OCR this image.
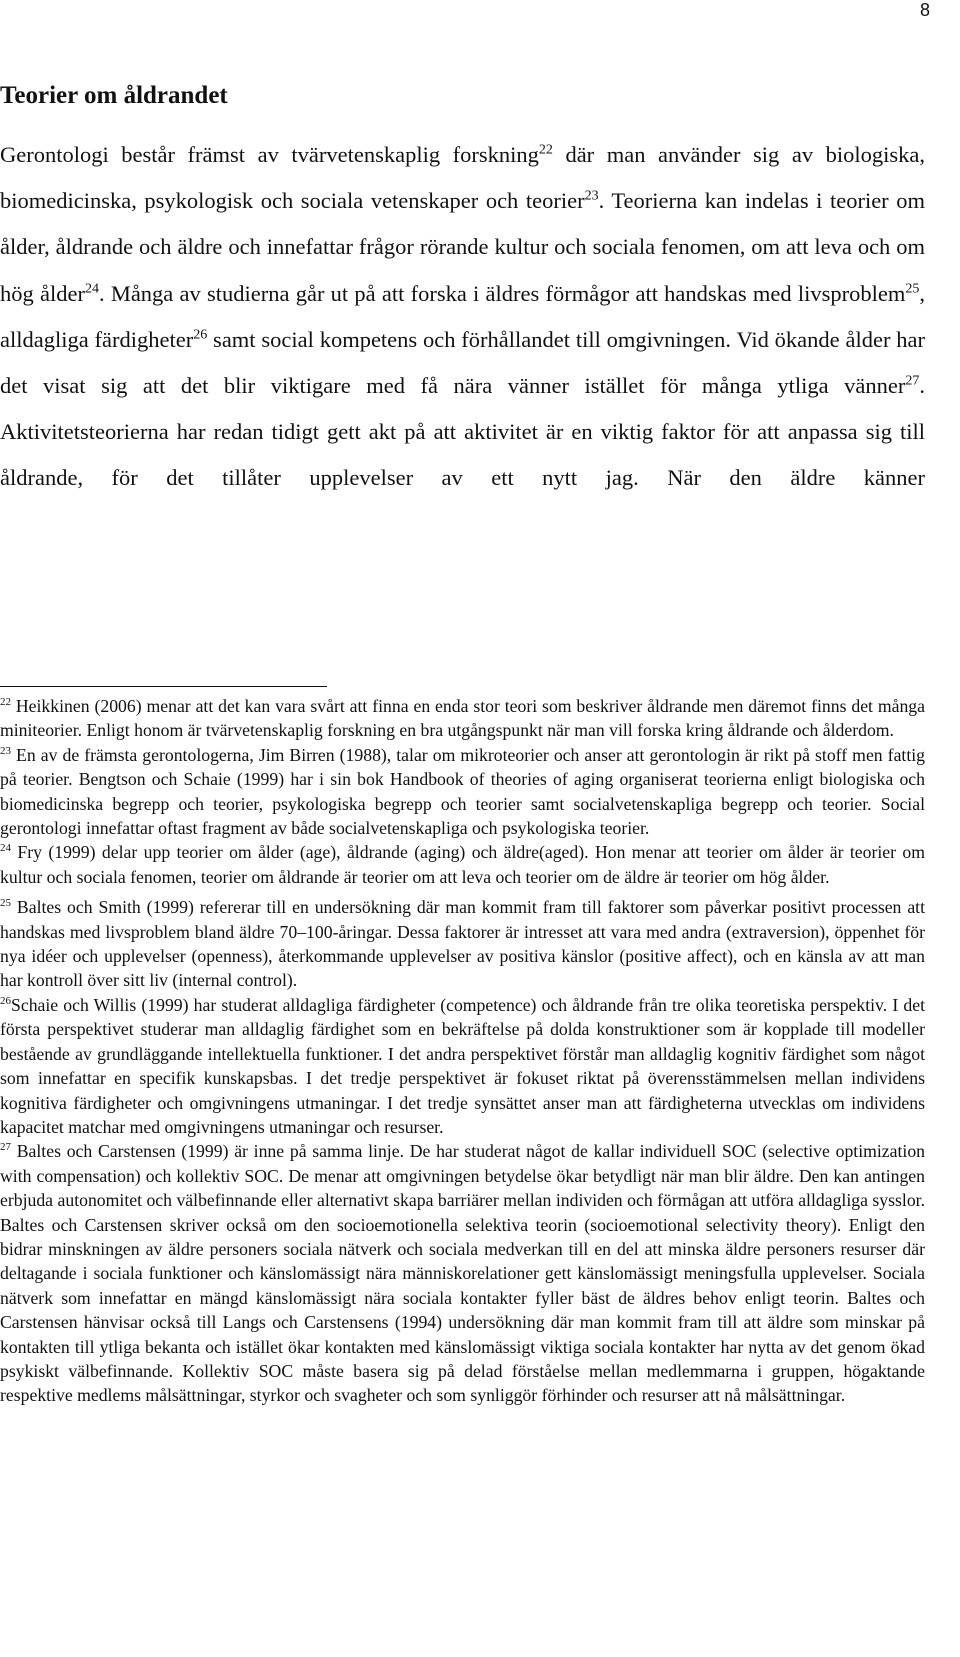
8
Teorier om åldrandet

Gerontologi består främst av tvärvetenskaplig forskning$^{22}$ där man använder sig av biologiska, biomedicinska, psykologisk och sociala vetenskaper och teorier$^{23}$. Teorierna kan indelas i teorier om ålder, åldrande och äldre och innefattar frågor rörande kultur och sociala fenomen, om att leva och om hög ålder$^{24}$. Många av studierna går ut på att forska i äldres förmågor att handskas med livsproblem$^{25}$, alldagliga färdigheter$^{26}$ samt social kompetens och förhållandet till omgivningen. Vid ökande ålder har det visat sig att det blir viktigare med få nära vänner istället för många ytliga vänner$^{27}$. Aktivitetsteorierna har redan tidigt gett akt på att aktivitet är en viktig faktor för att anpassa sig till åldrande, för det tillåter upplevelser av ett nytt jag. När den äldre känner

$^{22}$ Heikkinen (2006) menar att det kan vara svårt att finna en enda stor teori som beskriver åldrande men däremot finns det många miniteorier. Enligt honom är tvärvetenskaplig forskning en bra utgångspunkt när man vill forska kring åldrande och ålderdom.

$^{23}$ En av de främsta gerontologerna, Jim Birren (1988), talar om mikroteorier och anser att gerontologin är rikt på stoff men fattig på teorier. Bengtson och Schaie (1999) har i sin bok Handbook of theories of aging organiserat teorierna enligt biologiska och biomedicinska begrepp och teorier, psykologiska begrepp och teorier samt socialvetenskapliga begrepp och teorier. Social gerontologi innefattar oftast fragment av både socialvetenskapliga och psykologiska teorier.

$^{24}$ Fry (1999) delar upp teorier om ålder (age), åldrande (aging) och äldre(aged). Hon menar att teorier om ålder är teorier om kultur och sociala fenomen, teorier om åldrande är teorier om att leva och teorier om de äldre är teorier om hög ålder.

$^{25}$ Baltes och Smith (1999) refererar till en undersökning där man kommit fram till faktorer som påverkar positivt processen att handskas med livsproblem bland äldre 70–100-åringar. Dessa faktorer är intresset att vara med andra (extraversion), öppenhet för nya idéer och upplevelser (openness), återkommande upplevelser av positiva känslor (positive affect), och en känsla av att man har kontroll över sitt liv (internal control).

$^{26}$Schaie och Willis (1999) har studerat alldagliga färdigheter (competence) och åldrande från tre olika teoretiska perspektiv. I det första perspektivet studerar man alldaglig färdighet som en bekräftelse på dolda konstruktioner som är kopplade till modeller bestående av grundläggande intellektuella funktioner. I det andra perspektivet förstår man alldaglig kognitiv färdighet som något som innefattar en specifik kunskapsbas. I det tredje perspektivet är fokuset riktat på överensstämmelsen mellan individens kognitiva färdigheter och omgivningens utmaningar. I det tredje synsättet anser man att färdigheterna utvecklas om individens kapacitet matchar med omgivningens utmaningar och resurser.

$^{27}$ Baltes och Carstensen (1999) är inne på samma linje. De har studerat något de kallar individuell SOC (selective optimization with compensation) och kollektiv SOC. De menar att omgivningen betydelse ökar betydligt när man blir äldre. Den kan antingen erbjuda autonomitet och välbefinnande eller alternativt skapa barriärer mellan individen och förmågan att utföra alldagliga sysslor. Baltes och Carstensen skriver också om den socioemotionella selektiva teorin (socioemotional selectivity theory). Enligt den bidrar minskningen av äldre personers sociala nätverk och sociala medverkan till en del att minska äldre personers resurser där deltagande i sociala funktioner och känslomässigt nära människorelationer gett känslomässigt meningsfulla upplevelser. Sociala nätverk som innefattar en mängd känslomässigt nära sociala kontakter fyller bäst de äldres behov enligt teorin. Baltes och Carstensen hänvisar också till Langs och Carstensens (1994) undersökning där man kommit fram till att äldre som minskar på kontakten till ytliga bekanta och istället ökar kontakten med känslomässigt viktiga sociala kontakter har nytta av det genom ökad psykiskt välbefinnande. Kollektiv SOC måste basera sig på delad förståelse mellan medlemmarna i gruppen, högaktande respektive medlems målsättningar, styrkor och svagheter och som synliggör förhinder och resurser att nå målsättningar.
